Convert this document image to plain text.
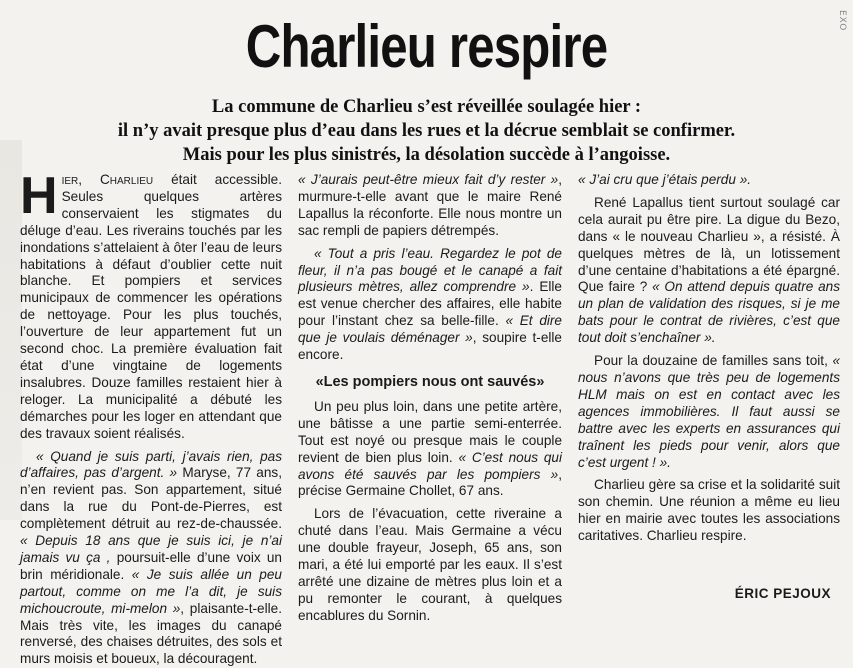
EXO
Charlieu respire
La commune de Charlieu s’est réveillée soulagée hier :
il n’y avait presque plus d’eau dans les rues et la décrue semblait se confirmer.
Mais pour les plus sinistrés, la désolation succède à l’angoisse.

Hier, Charlieu était accessible. Seules quelques artères conservaient les stigmates du déluge d’eau. Les riverains touchés par les inondations s’attelaient à ôter l’eau de leurs habitations à défaut d’oublier cette nuit blanche. Et pompiers et services municipaux de commencer les opérations de nettoyage. Pour les plus touchés, l’ouverture de leur appartement fut un second choc. La première évaluation fait état d’une vingtaine de logements insalubres. Douze familles restaient hier à reloger. La municipalité a débuté les démarches pour les loger en attendant que des travaux soient réalisés.

« Quand je suis parti, j’avais rien, pas d’affaires, pas d’argent. » Maryse, 77 ans, n’en revient pas. Son appartement, situé dans la rue du Pont-de-Pierres, est complètement détruit au rez-de-chaussée. « Depuis 18 ans que je suis ici, je n’ai jamais vu ça , poursuit-elle d’une voix un brin méridionale. « Je suis allée un peu partout, comme on me l’a dit, je suis michoucroute, mi-melon », plaisante-t-elle. Mais très vite, les images du canapé renversé, des chaises détruites, des sols et murs moisis et boueux, la découragent.

« J’aurais peut-être mieux fait d’y rester », murmure-t-elle avant que le maire René Lapallus la réconforte. Elle nous montre un sac rempli de papiers détrempés.

« Tout a pris l’eau. Regardez le pot de fleur, il n’a pas bougé et le canapé a fait plusieurs mètres, allez comprendre ». Elle est venue chercher des affaires, elle habite pour l’instant chez sa belle-fille. « Et dire que je voulais déménager », soupire t-elle encore.

«Les pompiers nous ont sauvés»

Un peu plus loin, dans une petite artère, une bâtisse a une partie semi-enterrée. Tout est noyé ou presque mais le couple revient de bien plus loin. « C’est nous qui avons été sauvés par les pompiers », précise Germaine Chollet, 67 ans.

Lors de l’évacuation, cette riveraine a chuté dans l’eau. Mais Germaine a vécu une double frayeur, Joseph, 65 ans, son mari, a été lui emporté par les eaux. Il s’est arrêté une dizaine de mètres plus loin et a pu remonter le courant, à quelques encablures du Sornin.

« J’ai cru que j’étais perdu ».

René Lapallus tient surtout soulagé car cela aurait pu être pire. La digue du Bezo, dans « le nouveau Charlieu », a résisté. À quelques mètres de là, un lotissement d’une centaine d’habitations a été épargné. Que faire ? « On attend depuis quatre ans un plan de validation des risques, si je me bats pour le contrat de rivières, c’est que tout doit s’enchaîner ».

Pour la douzaine de familles sans toit, « nous n’avons que très peu de logements HLM mais on est en contact avec les agences immobilières. Il faut aussi se battre avec les experts en assurances qui traînent les pieds pour venir, alors que c’est urgent ! ».

Charlieu gère sa crise et la solidarité suit son chemin. Une réunion a même eu lieu hier en mairie avec toutes les associations caritatives. Charlieu respire.

ÉRIC PEJOUX
